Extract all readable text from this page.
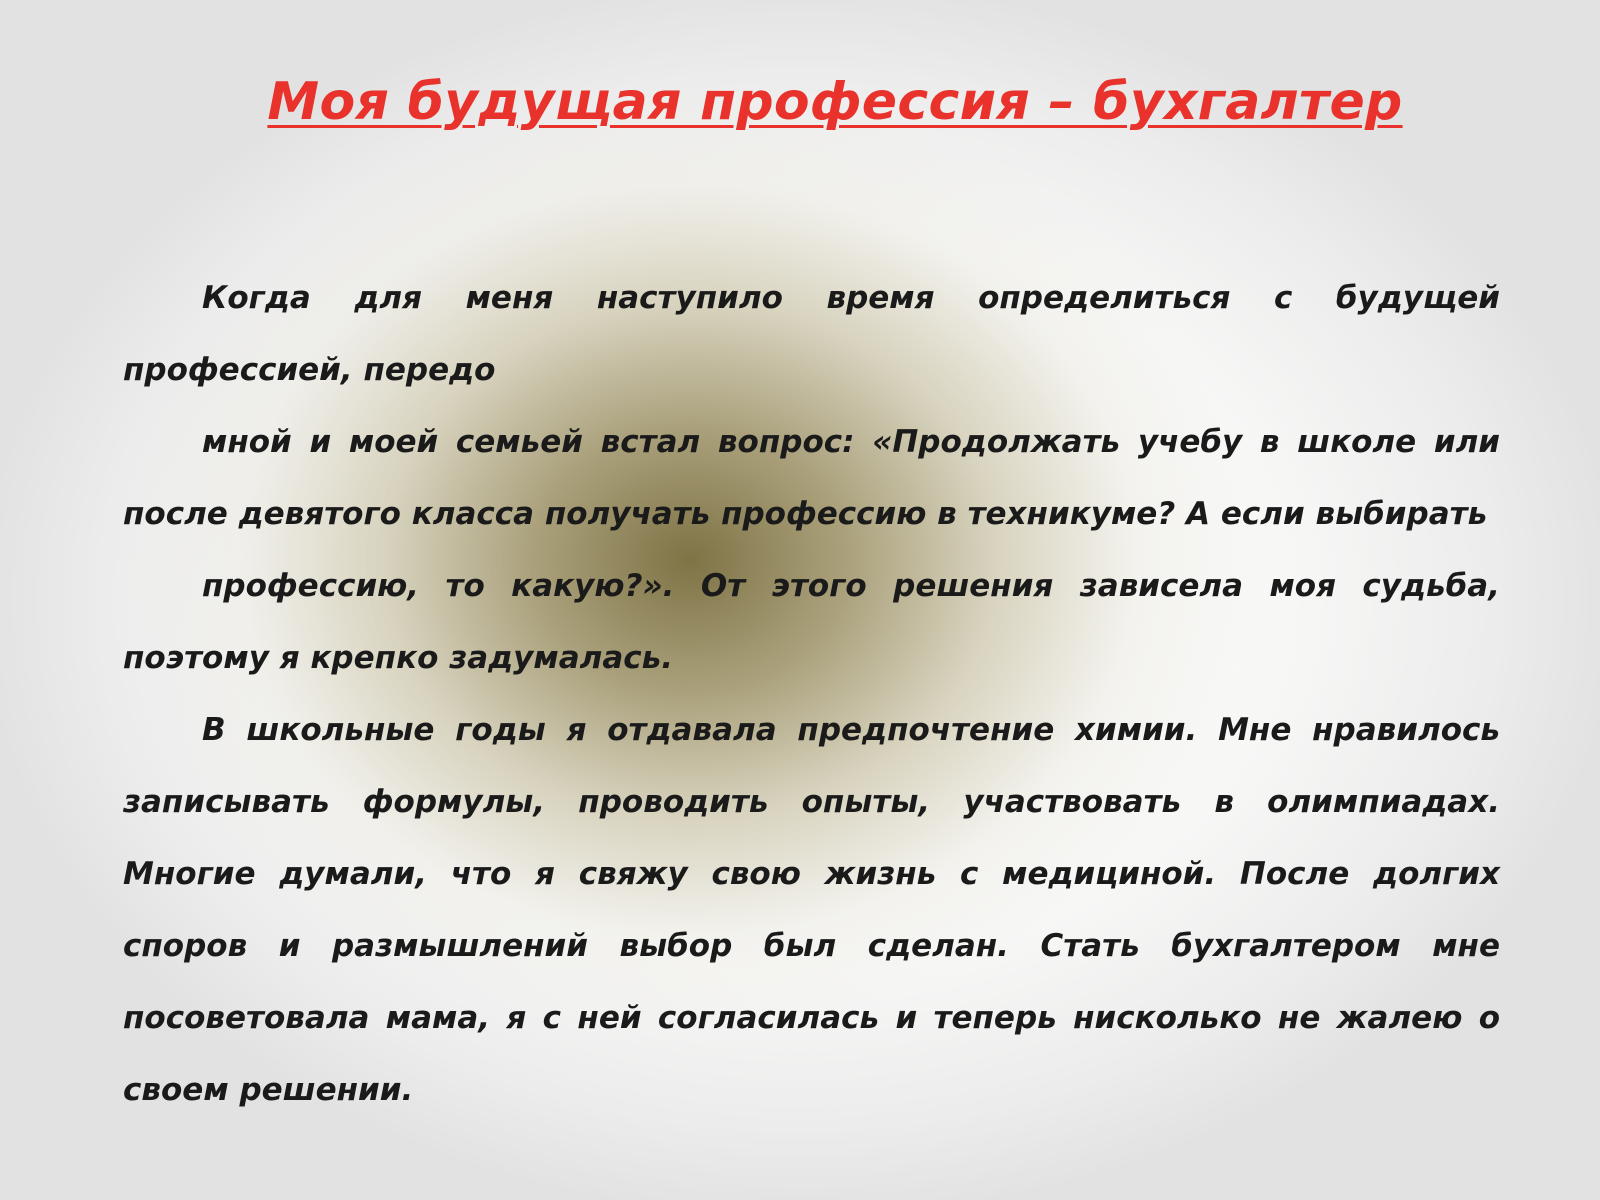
Моя будущая профессия – бухгалтер

Когда для меня наступило время определиться с будущей профессией, передо

мной и моей семьей встал вопрос: «Продолжать учебу в школе или после девятого класса получать профессию в техникуме? А если выбирать

профессию, то какую?». От этого решения зависела моя судьба, поэтому я крепко задумалась.

В школьные годы я отдавала предпочтение химии. Мне нравилось записывать формулы, проводить опыты, участвовать в олимпиадах. Многие думали, что я свяжу свою жизнь с медициной. После долгих споров и размышлений выбор был сделан. Стать бухгалтером мне посоветовала мама, я с ней согласилась и теперь нисколько не жалею о своем решении.
